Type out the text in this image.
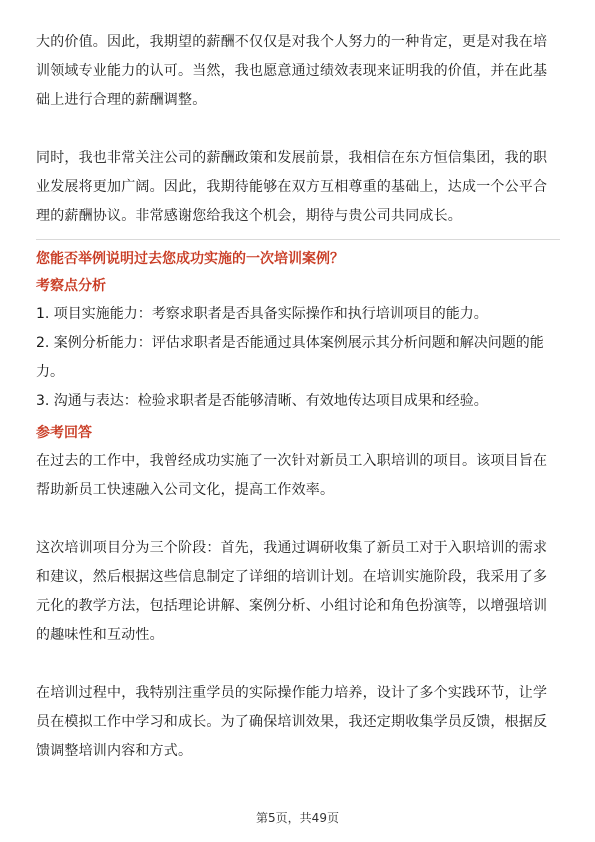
大的价值。因此，我期望的薪酬不仅仅是对我个人努力的一种肯定，更是对我在培训领域专业能力的认可。当然，我也愿意通过绩效表现来证明我的价值，并在此基础上进行合理的薪酬调整。

同时，我也非常关注公司的薪酬政策和发展前景，我相信在东方恒信集团，我的职业发展将更加广阔。因此，我期待能够在双方互相尊重的基础上，达成一个公平合理的薪酬协议。非常感谢您给我这个机会，期待与贵公司共同成长。

您能否举例说明过去您成功实施的一次培训案例？
考察点分析
1. 项目实施能力：考察求职者是否具备实际操作和执行培训项目的能力。
2. 案例分析能力：评估求职者是否能通过具体案例展示其分析问题和解决问题的能力。
3. 沟通与表达：检验求职者是否能够清晰、有效地传达项目成果和经验。
参考回答

在过去的工作中，我曾经成功实施了一次针对新员工入职培训的项目。该项目旨在帮助新员工快速融入公司文化，提高工作效率。

这次培训项目分为三个阶段：首先，我通过调研收集了新员工对于入职培训的需求和建议，然后根据这些信息制定了详细的培训计划。在培训实施阶段，我采用了多元化的教学方法，包括理论讲解、案例分析、小组讨论和角色扮演等，以增强培训的趣味性和互动性。

在培训过程中，我特别注重学员的实际操作能力培养，设计了多个实践环节，让学员在模拟工作中学习和成长。为了确保培训效果，我还定期收集学员反馈，根据反馈调整培训内容和方式。

第5页，共49页
